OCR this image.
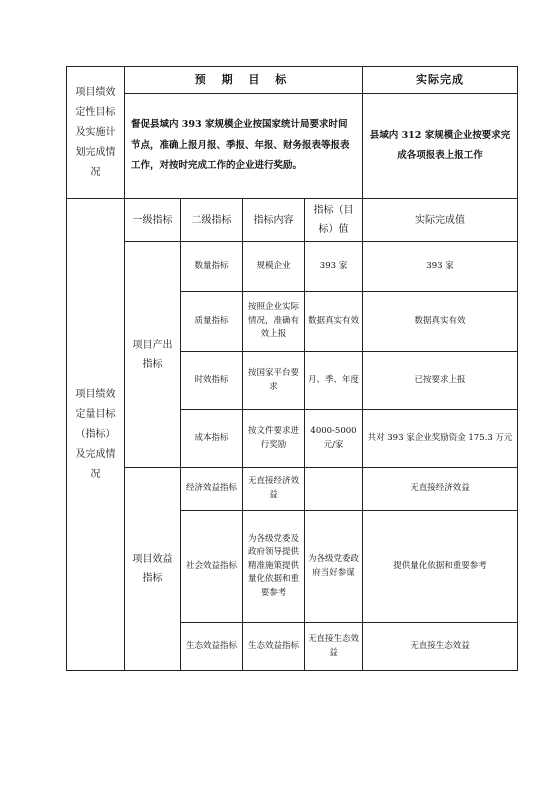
项目绩效定性目标及实施计划完成情况	预 期 目 标				实际完成
	督促县域内 393 家规模企业按国家统计局要求时间节点，准确上报月报、季报、年报、财务报表等报表工作，对按时完成工作的企业进行奖励。				县域内 312 家规模企业按要求完成各项报表上报工作
项目绩效定量目标（指标）及完成情况	一级指标	二级指标	指标内容	指标（目标）值	实际完成值
	项目产出指标	数量指标	规模企业	393 家	393 家
		质量指标	按照企业实际情况，准确有效上报	数据真实有效	数据真实有效
		时效指标	按国家平台要求	月、季、年度	已按要求上报
		成本指标	按文件要求进行奖励	4000-5000 元/家	共对 393 家企业奖励资金 175.3 万元
	项目效益指标	经济效益指标	无直接经济效益		无直接经济效益
		社会效益指标	为各级党委及政府领导提供精准施策提供量化依据和重要参考	为各级党委政府当好参谋	提供量化依据和重要参考
		生态效益指标	生态效益指标	无直接生态效益	无直接生态效益
